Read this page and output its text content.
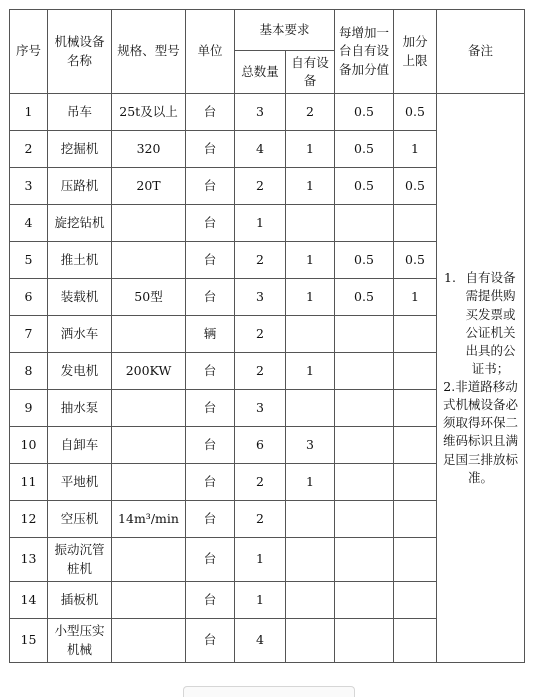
序号	机械设备名称	规格、型号	单位	基本要求		每增加一台自有设备加分值	加分上限	备注
				总数量	自有设备			
1	吊车	25t及以上	台	3	2	0.5	0.5	1. 自有设备需提供购买发票或公证机关出具的公证书；
2.非道路移动式机械设备必须取得环保二维码标识且满足国三排放标准。

2	挖掘机	320	台	4	1	0.5	1	
3	压路机	20T	台	2	1	0.5	0.5	
4	旋挖钻机		台	1				
5	推土机		台	2	1	0.5	0.5	
6	装载机	50型	台	3	1	0.5	1	
7	洒水车		辆	2				
8	发电机	200KW	台	2	1			
9	抽水泵		台	3				
10	自卸车		台	6	3			
11	平地机		台	2	1			
12	空压机	14m³/min	台	2				
13	振动沉管桩机		台	1				
14	插板机		台	1				
15	小型压实机械		台	4				
